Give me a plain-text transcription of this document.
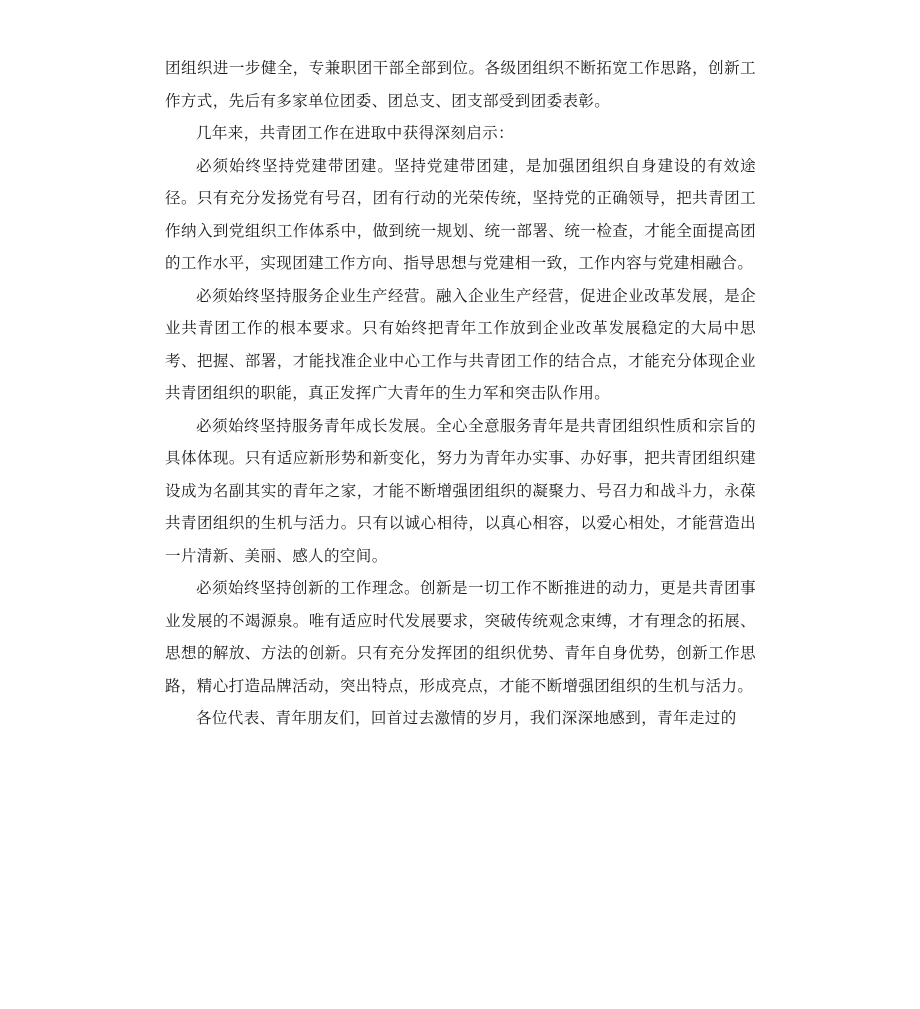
团组织进一步健全，专兼职团干部全部到位。各级团组织不断拓宽工作思路，创新工作方式，先后有多家单位团委、团总支、团支部受到团委表彰。

几年来，共青团工作在进取中获得深刻启示：

必须始终坚持党建带团建。坚持党建带团建，是加强团组织自身建设的有效途径。只有充分发扬党有号召，团有行动的光荣传统，坚持党的正确领导，把共青团工作纳入到党组织工作体系中，做到统一规划、统一部署、统一检查，才能全面提高团的工作水平，实现团建工作方向、指导思想与党建相一致，工作内容与党建相融合。

必须始终坚持服务企业生产经营。融入企业生产经营，促进企业改革发展，是企业共青团工作的根本要求。只有始终把青年工作放到企业改革发展稳定的大局中思考、把握、部署，才能找准企业中心工作与共青团工作的结合点，才能充分体现企业共青团组织的职能，真正发挥广大青年的生力军和突击队作用。

必须始终坚持服务青年成长发展。全心全意服务青年是共青团组织性质和宗旨的具体体现。只有适应新形势和新变化，努力为青年办实事、办好事，把共青团组织建设成为名副其实的青年之家，才能不断增强团组织的凝聚力、号召力和战斗力，永葆共青团组织的生机与活力。只有以诚心相待，以真心相容，以爱心相处，才能营造出一片清新、美丽、感人的空间。

必须始终坚持创新的工作理念。创新是一切工作不断推进的动力，更是共青团事业发展的不竭源泉。唯有适应时代发展要求，突破传统观念束缚，才有理念的拓展、思想的解放、方法的创新。只有充分发挥团的组织优势、青年自身优势，创新工作思路，精心打造品牌活动，突出特点，形成亮点，才能不断增强团组织的生机与活力。

各位代表、青年朋友们，回首过去激情的岁月，我们深深地感到，青年走过的
